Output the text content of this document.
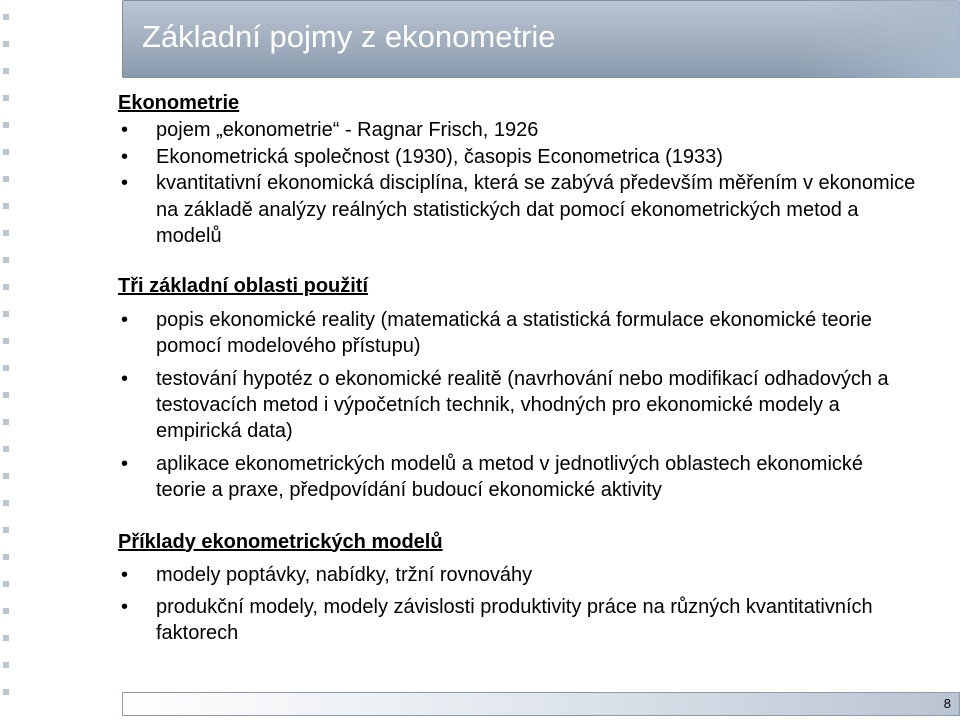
Základní pojmy z ekonometrie

Ekonometrie

• pojem „ekonometrie“ - Ragnar Frisch, 1926
• Ekonometrická společnost (1930), časopis Econometrica (1933)
• kvantitativní ekonomická disciplína, která se zabývá především měřením v ekonomice na základě analýzy reálných statistických dat pomocí ekonometrických metod a modelů

Tři základní oblasti použití

• popis ekonomické reality (matematická a statistická formulace ekonomické teorie pomocí modelového přístupu)
• testování hypotéz o ekonomické realitě (navrhování nebo modifikací odhadových a testovacích metod i výpočetních technik, vhodných pro ekonomické modely a empirická data)
• aplikace ekonometrických modelů a metod v jednotlivých oblastech ekonomické teorie a praxe, předpovídání budoucí ekonomické aktivity

Příklady ekonometrických modelů

• modely poptávky, nabídky, tržní rovnováhy
• produkční modely, modely závislosti produktivity práce na různých kvantitativních faktorech
8
